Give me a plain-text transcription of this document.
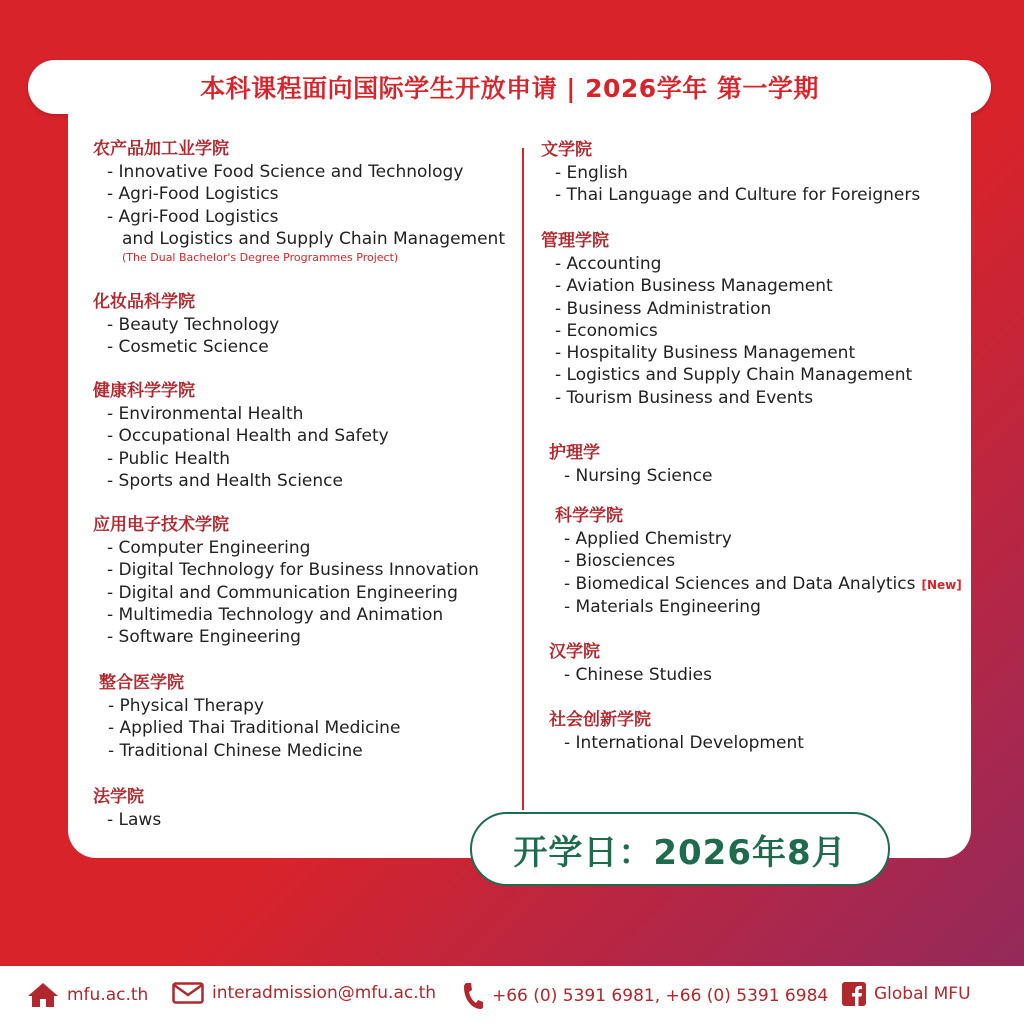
本科课程面向国际学生开放申请 | 2026学年 第一学期
农产品加工业学院
- Innovative Food Science and Technology
- Agri-Food Logistics
- Agri-Food Logistics
and Logistics and Supply Chain Management
(The Dual Bachelor's Degree Programmes Project)
化妆品科学院
- Beauty Technology
- Cosmetic Science
健康科学学院
- Environmental Health
- Occupational Health and Safety
- Public Health
- Sports and Health Science
应用电子技术学院
- Computer Engineering
- Digital Technology for Business Innovation
- Digital and Communication Engineering
- Multimedia Technology and Animation
- Software Engineering
整合医学院
- Physical Therapy
- Applied Thai Traditional Medicine
- Traditional Chinese Medicine
法学院
- Laws
文学院
- English
- Thai Language and Culture for Foreigners
管理学院
- Accounting
- Aviation Business Management
- Business Administration
- Economics
- Hospitality Business Management
- Logistics and Supply Chain Management
- Tourism Business and Events
护理学
- Nursing Science
科学学院
- Applied Chemistry
- Biosciences
- Biomedical Sciences and Data Analytics [New]
- Materials Engineering
汉学院
- Chinese Studies
社会创新学院
- International Development
开学日：2026年8月
mfu.ac.th	interadmission@mfu.ac.th	+66 (0) 5391 6981, +66 (0) 5391 6984	Global MFU
